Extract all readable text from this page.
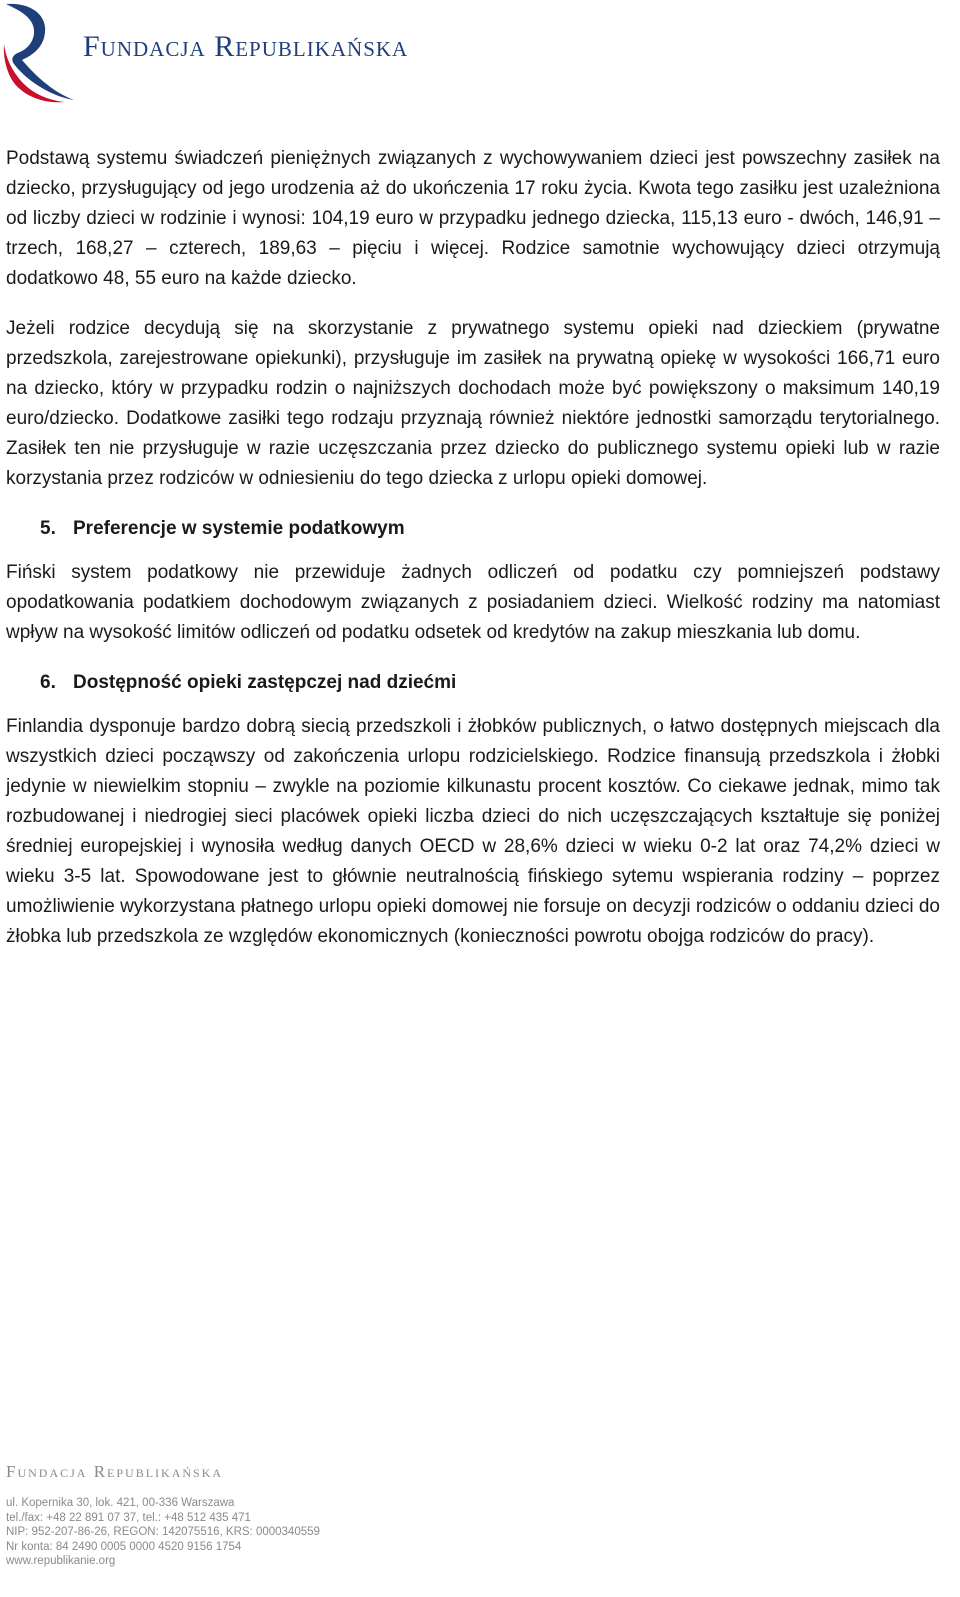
Fundacja Republikańska

Podstawą systemu świadczeń pieniężnych związanych z wychowywaniem dzieci jest powszechny zasiłek na dziecko, przysługujący od jego urodzenia aż do ukończenia 17 roku życia. Kwota tego zasiłku jest uzależniona od liczby dzieci w rodzinie i wynosi: 104,19 euro w przypadku jednego dziecka, 115,13 euro - dwóch, 146,91 – trzech, 168,27 – czterech, 189,63 – pięciu i więcej. Rodzice samotnie wychowujący dzieci otrzymują dodatkowo 48, 55 euro na każde dziecko.

Jeżeli rodzice decydują się na skorzystanie z prywatnego systemu opieki nad dzieckiem (prywatne przedszkola, zarejestrowane opiekunki), przysługuje im zasiłek na prywatną opiekę w wysokości 166,71 euro na dziecko, który w przypadku rodzin o najniższych dochodach może być powiększony o maksimum 140,19 euro/dziecko. Dodatkowe zasiłki tego rodzaju przyznają również niektóre jednostki samorządu terytorialnego. Zasiłek ten nie przysługuje w razie uczęszczania przez dziecko do publicznego systemu opieki lub w razie korzystania przez rodziców w odniesieniu do tego dziecka z urlopu opieki domowej.

5. Preferencje w systemie podatkowym

Fiński system podatkowy nie przewiduje żadnych odliczeń od podatku czy pomniejszeń podstawy opodatkowania podatkiem dochodowym związanych z posiadaniem dzieci. Wielkość rodziny ma natomiast wpływ na wysokość limitów odliczeń od podatku odsetek od kredytów na zakup mieszkania lub domu.

6. Dostępność opieki zastępczej nad dziećmi

Finlandia dysponuje bardzo dobrą siecią przedszkoli i żłobków publicznych, o łatwo dostępnych miejscach dla wszystkich dzieci począwszy od zakończenia urlopu rodzicielskiego. Rodzice finansują przedszkola i żłobki jedynie w niewielkim stopniu – zwykle na poziomie kilkunastu procent kosztów. Co ciekawe jednak, mimo tak rozbudowanej i niedrogiej sieci placówek opieki liczba dzieci do nich uczęszczających kształtuje się poniżej średniej europejskiej i wynosiła według danych OECD w 28,6% dzieci w wieku 0-2 lat oraz 74,2% dzieci w wieku 3-5 lat. Spowodowane jest to głównie neutralnością fińskiego sytemu wspierania rodziny – poprzez umożliwienie wykorzystana płatnego urlopu opieki domowej nie forsuje on decyzji rodziców o oddaniu dzieci do żłobka lub przedszkola ze względów ekonomicznych (konieczności powrotu obojga rodziców do pracy).

Fundacja Republikańska
ul. Kopernika 30, lok. 421, 00-336 Warszawa
tel./fax: +48 22 891 07 37, tel.: +48 512 435 471
NIP: 952-207-86-26, REGON: 142075516, KRS: 0000340559
Nr konta: 84 2490 0005 0000 4520 9156 1754
www.republikanie.org
